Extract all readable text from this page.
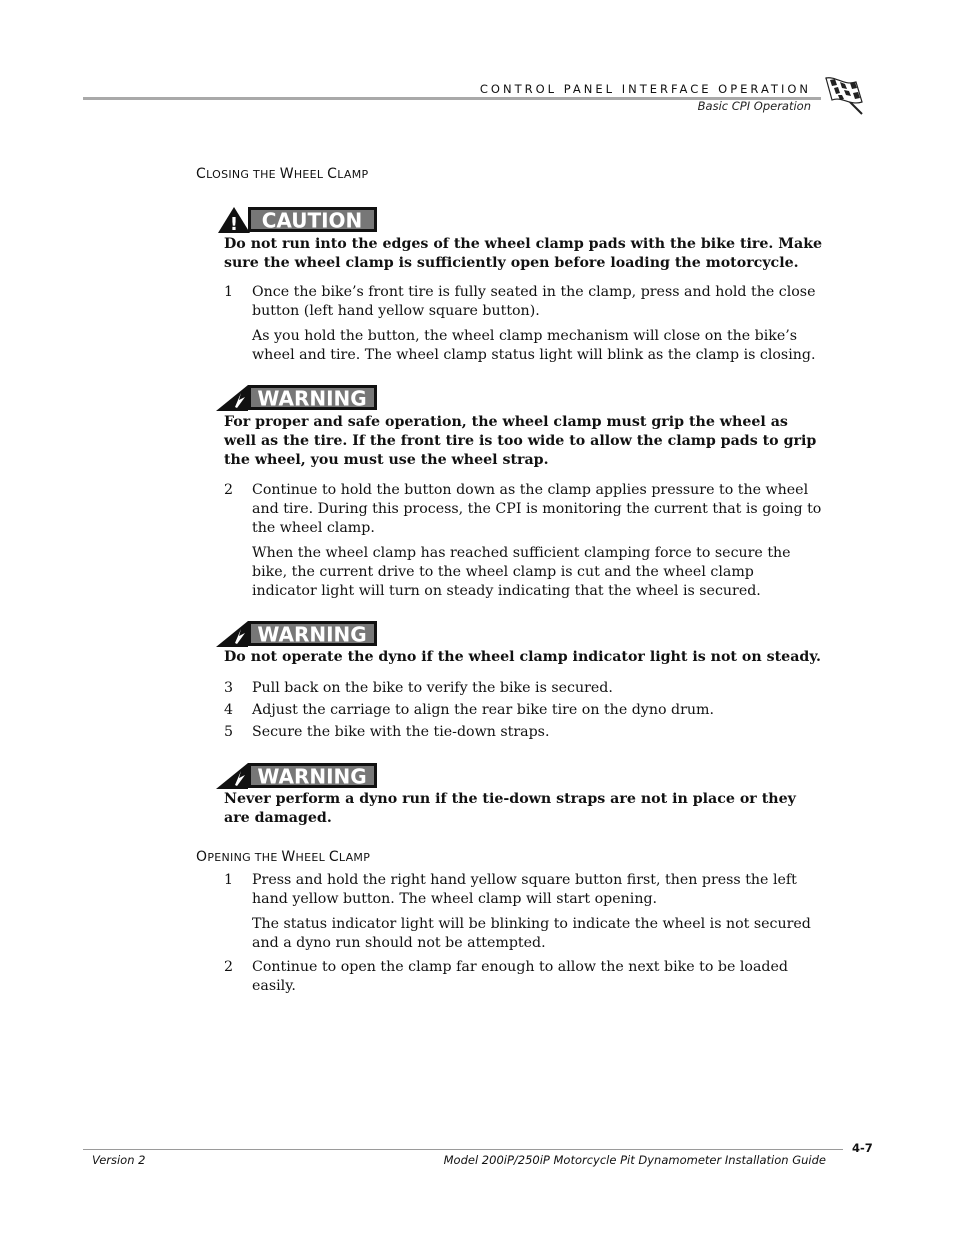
CONTROL PANEL INTERFACE OPERATION
Basic CPI Operation
CLOSING THE WHEEL CLAMP
! CAUTION
Do not run into the edges of the wheel clamp pads with the bike tire. Make sure the wheel clamp is sufficiently open before loading the motorcycle.
1 Once the bike’s front tire is fully seated in the clamp, press and hold the close button (left hand yellow square button).
As you hold the button, the wheel clamp mechanism will close on the bike’s wheel and tire. The wheel clamp status light will blink as the clamp is closing.
WARNING
For proper and safe operation, the wheel clamp must grip the wheel as well as the tire. If the front tire is too wide to allow the clamp pads to grip the wheel, you must use the wheel strap.
2 Continue to hold the button down as the clamp applies pressure to the wheel and tire. During this process, the CPI is monitoring the current that is going to the wheel clamp.
When the wheel clamp has reached sufficient clamping force to secure the bike, the current drive to the wheel clamp is cut and the wheel clamp indicator light will turn on steady indicating that the wheel is secured.
WARNING
Do not operate the dyno if the wheel clamp indicator light is not on steady.
3 Pull back on the bike to verify the bike is secured.
4 Adjust the carriage to align the rear bike tire on the dyno drum.
5 Secure the bike with the tie-down straps.
WARNING
Never perform a dyno run if the tie-down straps are not in place or they are damaged.
OPENING THE WHEEL CLAMP
1 Press and hold the right hand yellow square button first, then press the left hand yellow button. The wheel clamp will start opening.
The status indicator light will be blinking to indicate the wheel is not secured and a dyno run should not be attempted.
2 Continue to open the clamp far enough to allow the next bike to be loaded easily.
4-7
Version 2	Model 200iP/250iP Motorcycle Pit Dynamometer Installation Guide
